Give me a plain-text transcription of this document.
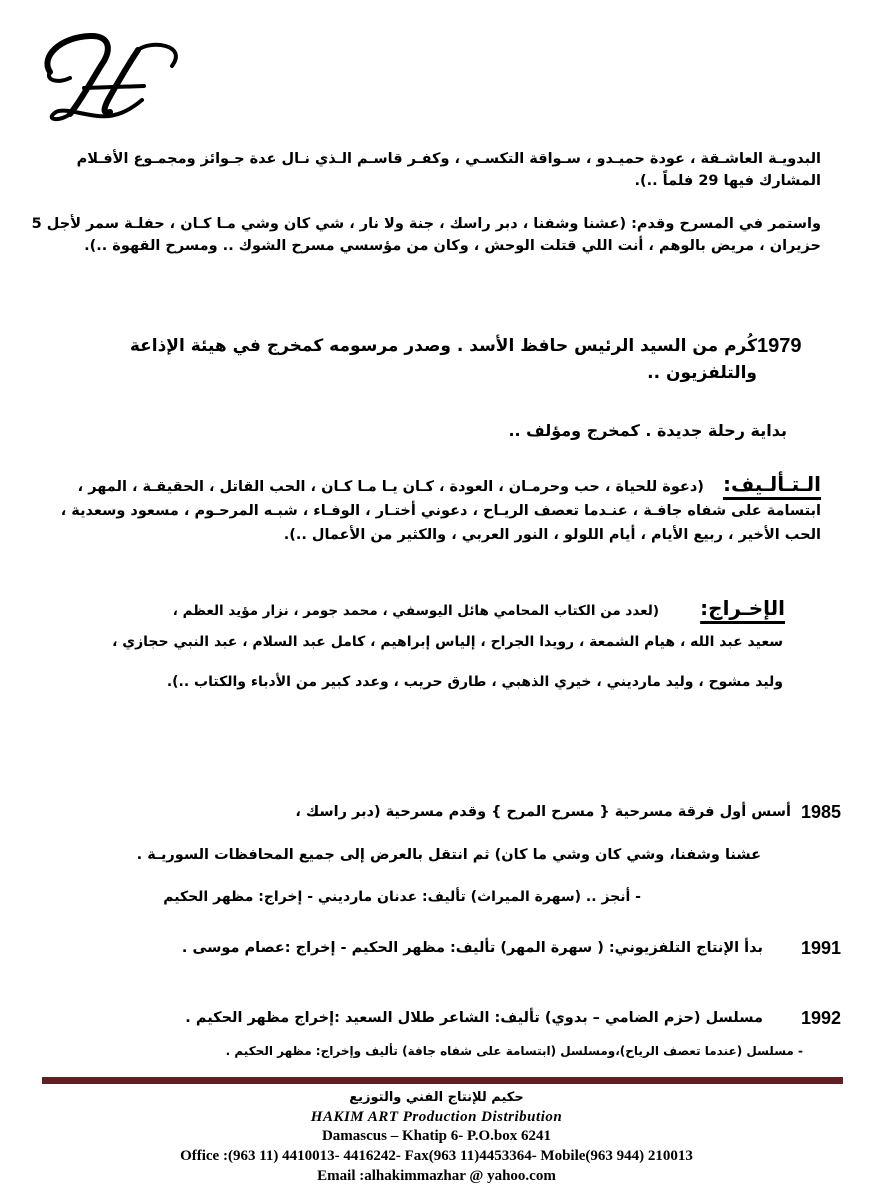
البدويـة العاشـقة ، عودة حميـدو ، سـواقة التكسـي ، وكفـر قاسـم الـذي نـال عدة جـوائز ومجمـوع الأفـلام المشارك فيها 29 فلماً ..).
واستمر في المسرح وقدم: (عشنا وشفنا ، دبر راسك ، جنة ولا نار ، شي كان وشي مـا كـان ، حفلـة سمر لأجل 5 حزيران ، مريض بالوهم ، أنت اللي قتلت الوحش ، وكان من مؤسسي مسرح الشوك .. ومسرح القهوة ..).
1979
كُرم من السيد الرئيس حافظ الأسد . وصدر مرسومه كمخرج في هيئة الإذاعة والتلفزيون ..
بداية رحلة جديدة . كمخرج ومؤلف ..
الـتـألـيف: (دعوة للحياة ، حب وحرمـان ، العودة ، كـان يـا مـا كـان ، الحب القاتل ، الحقيقـة ، المهر ، ابتسامة على شفاه جافـة ، عنـدما تعصف الريـاح ، دعوني أختـار ، الوفـاء ، شبـه المرحـوم ، مسعود وسعدية ، الحب الأخير ، ربيع الأيام ، أيام اللولو ، النور العربي ، والكثير من الأعمال ..).
الإخـراج:
(لعدد من الكتاب المحامي هائل اليوسفي ، محمد جومر ، نزار مؤيد العظم ،
سعيد عبد الله ، هيام الشمعة ، رويدا الجراح ، إلياس إبراهيم ، كامل عبد السلام ، عبد النبي حجازي ، وليد مشوح ، وليد مارديني ، خيري الذهبي ، طارق حريب ، وعدد كبير من الأدباء والكتاب ..).
1985
أسس أول فرقة مسرحية { مسرح المرح } وقدم مسرحية (دبر راسك ،
عشنا وشفنا، وشي كان وشي ما كان) ثم انتقل بالعرض إلى جميع المحافظات السوريـة .
- أنجز .. (سهرة الميراث) تأليف: عدنان مارديني - إخراج: مظهر الحكيم
1991
بدأ الإنتاج التلفزيوني: ( سهرة المهر) تأليف: مظهر الحكيم - إخراج :عصام موسى .
1992
مسلسل (حزم الضامي – بدوي) تأليف: الشاعر طلال السعيد :إخراج مظهر الحكيم .
- مسلسل (عندما تعصف الرياح)،ومسلسل (ابتسامة على شفاه جافة) تأليف وإخراج: مظهر الحكيم .
حكيم للإنتاج الفني والتوزيع
HAKIM ART Production Distribution
Damascus – Khatip 6- P.O.box 6241
Office :(963 11) 4410013- 4416242- Fax(963 11)4453364- Mobile(963 944) 210013
Email :alhakimmazhar @ yahoo.com
